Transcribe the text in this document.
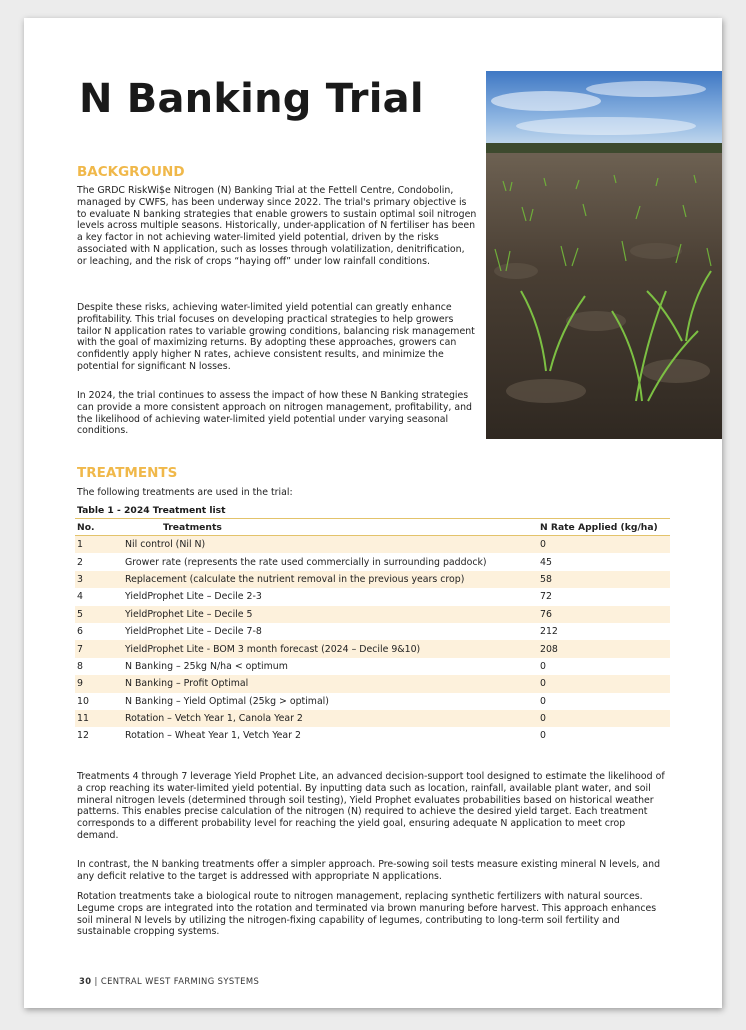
N Banking Trial
BACKGROUND

The GRDC RiskWi$e Nitrogen (N) Banking Trial at the Fettell Centre, Condobolin, managed by CWFS, has been underway since 2022. The trial's primary objective is to evaluate N banking strategies that enable growers to sustain optimal soil nitrogen levels across multiple seasons. Historically, under-application of N fertiliser has been a key factor in not achieving water-limited yield potential, driven by the risks associated with N application, such as losses through volatilization, denitrification, or leaching, and the risk of crops “haying off” under low rainfall conditions.

Despite these risks, achieving water-limited yield potential can greatly enhance profitability. This trial focuses on developing practical strategies to help growers tailor N application rates to variable growing conditions, balancing risk management with the goal of maximizing returns. By adopting these approaches, growers can confidently apply higher N rates, achieve consistent results, and minimize the potential for significant N losses.

In 2024, the trial continues to assess the impact of how these N Banking strategies can provide a more consistent approach on nitrogen management, profitability, and the likelihood of achieving water-limited yield potential under varying seasonal conditions.

TREATMENTS

The following treatments are used in the trial:

Table 1 - 2024 Treatment list
No.	Treatments	N Rate Applied (kg/ha)
1	Nil control (Nil N)	0
2	Grower rate (represents the rate used commercially in surrounding paddock)	45
3	Replacement (calculate the nutrient removal in the previous years crop)	58
4	YieldProphet Lite – Decile 2-3	72
5	YieldProphet Lite – Decile 5	76
6	YieldProphet Lite – Decile 7-8	212
7	YieldProphet Lite - BOM 3 month forecast (2024 – Decile 9&10)	208
8	N Banking – 25kg N/ha < optimum	0
9	N Banking – Profit Optimal	0
10	N Banking – Yield Optimal (25kg > optimal)	0
11	Rotation – Vetch Year 1, Canola Year 2	0
12	Rotation – Wheat Year 1, Vetch Year 2	0

Treatments 4 through 7 leverage Yield Prophet Lite, an advanced decision-support tool designed to estimate the likelihood of a crop reaching its water-limited yield potential. By inputting data such as location, rainfall, available plant water, and soil mineral nitrogen levels (determined through soil testing), Yield Prophet evaluates probabilities based on historical weather patterns. This enables precise calculation of the nitrogen (N) required to achieve the desired yield target. Each treatment corresponds to a different probability level for reaching the yield goal, ensuring adequate N application to meet crop demand.

In contrast, the N banking treatments offer a simpler approach. Pre-sowing soil tests measure existing mineral N levels, and any deficit relative to the target is addressed with appropriate N applications.

Rotation treatments take a biological route to nitrogen management, replacing synthetic fertilizers with natural sources. Legume crops are integrated into the rotation and terminated via brown manuring before harvest. This approach enhances soil mineral N levels by utilizing the nitrogen-fixing capability of legumes, contributing to long-term soil fertility and sustainable cropping systems.

30 | CENTRAL WEST FARMING SYSTEMS
